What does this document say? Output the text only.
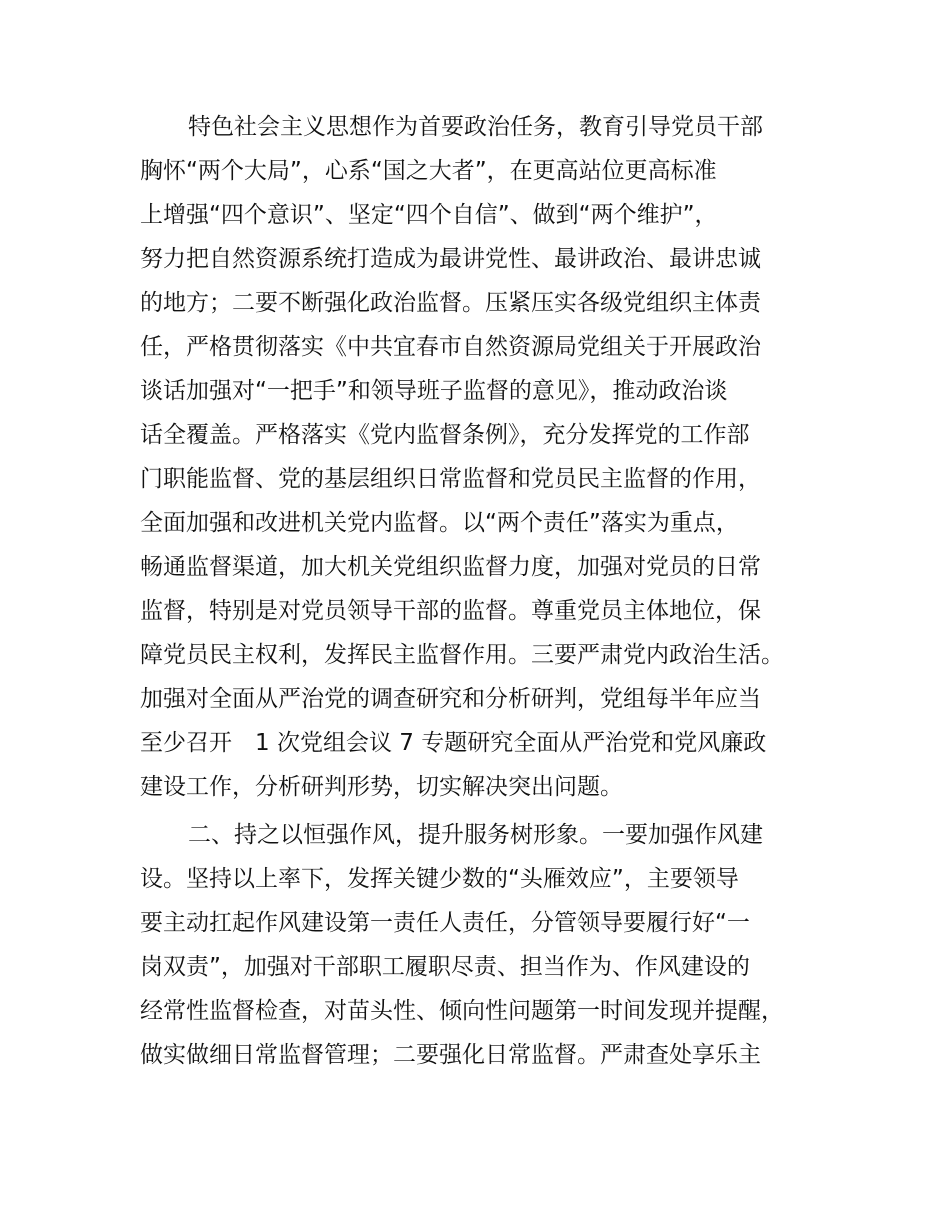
特色社会主义思想作为首要政治任务，教育引导党员干部
胸怀“两个大局”，心系“国之大者”，在更高站位更高标准
上增强“四个意识”、坚定“四个自信”、做到“两个维护”，
努力把自然资源系统打造成为最讲党性、最讲政治、最讲忠诚
的地方；二要不断强化政治监督。压紧压实各级党组织主体责
任，严格贯彻落实《中共宜春市自然资源局党组关于开展政治
谈话加强对“一把手”和领导班子监督的意见》，推动政治谈
话全覆盖。严格落实《党内监督条例》，充分发挥党的工作部
门职能监督、党的基层组织日常监督和党员民主监督的作用，
全面加强和改进机关党内监督。以“两个责任”落实为重点，
畅通监督渠道，加大机关党组织监督力度，加强对党员的日常
监督，特别是对党员领导干部的监督。尊重党员主体地位，保
障党员民主权利，发挥民主监督作用。三要严肃党内政治生活。
加强对全面从严治党的调查研究和分析研判，党组每半年应当
至少召开　1 次党组会议 7 专题研究全面从严治党和党风廉政
建设工作，分析研判形势，切实解决突出问题。
二、持之以恒强作风，提升服务树形象。一要加强作风建
设。坚持以上率下，发挥关键少数的“头雁效应”，主要领导
要主动扛起作风建设第一责任人责任，分管领导要履行好“一
岗双责”，加强对干部职工履职尽责、担当作为、作风建设的
经常性监督检查，对苗头性、倾向性问题第一时间发现并提醒，
做实做细日常监督管理；二要强化日常监督。严肃查处享乐主
